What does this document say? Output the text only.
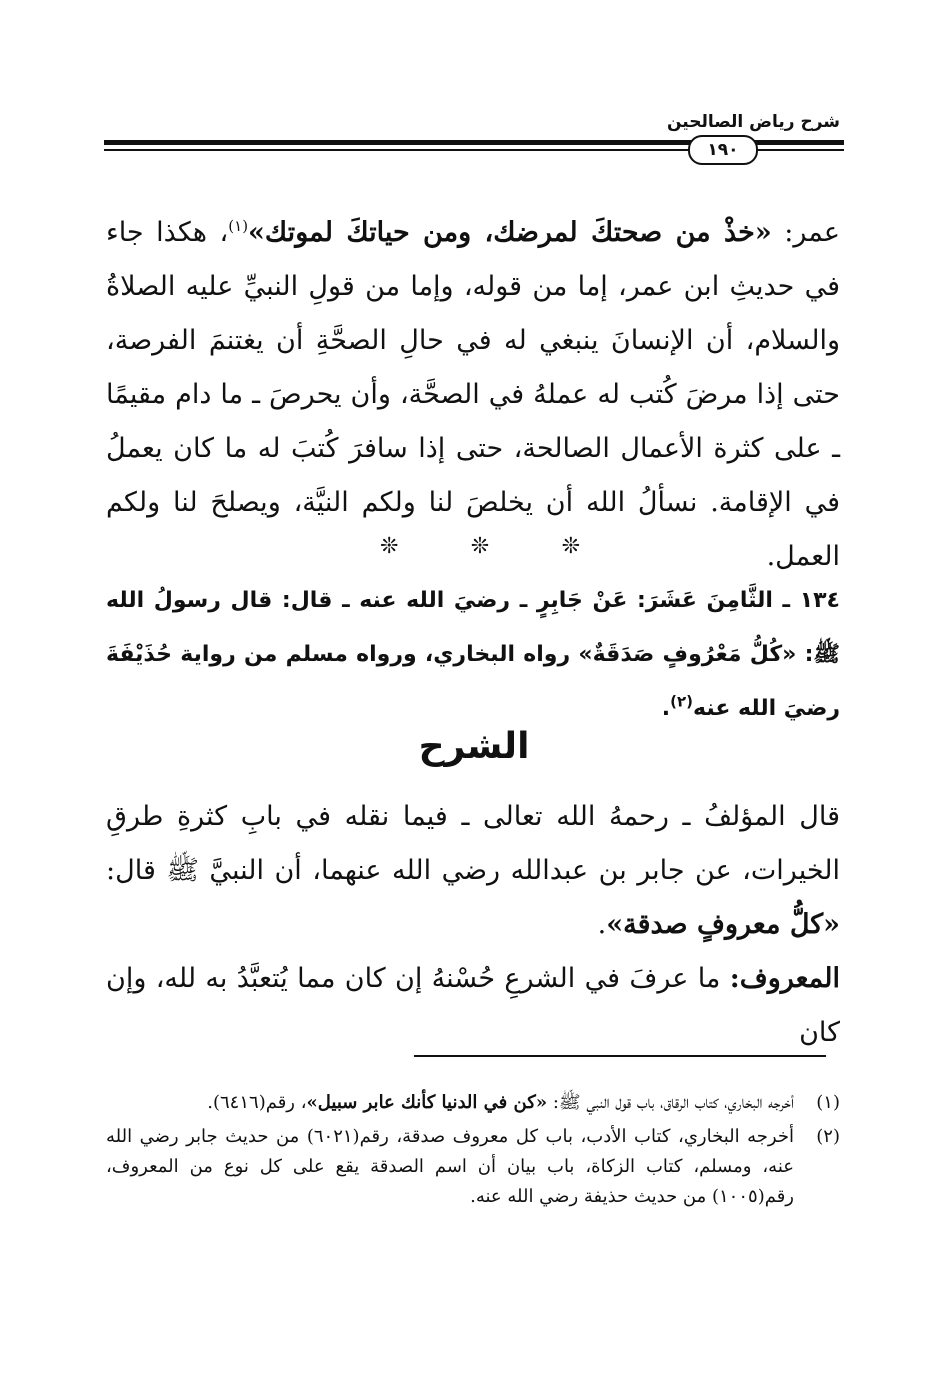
شرح رياض الصالحين
١٩٠

عمر: «خذْ من صحتكَ لمرضك، ومن حياتكَ لموتك»$^{(١)}$، هكذا جاء في حديثِ ابن عمر، إما من قوله، وإما من قولِ النبيِّ عليه الصلاةُ والسلام، أن الإنسانَ ينبغي له في حالِ الصحَّةِ أن يغتنمَ الفرصة، حتى إذا مرضَ كُتب له عملهُ في الصحَّة، وأن يحرصَ ـ ما دام مقيمًا ـ على كثرة الأعمال الصالحة، حتى إذا سافرَ كُتبَ له ما كان يعملُ في الإقامة. نسألُ الله أن يخلصَ لنا ولكم النيَّة، ويصلحَ لنا ولكم العمل.

❊	❊	❊

١٣٤ ـ الثَّامِنَ عَشَرَ: عَنْ جَابِرٍ ـ رضيَ الله عنه ـ قال: قال رسولُ الله ﷺ: «كُلُّ مَعْرُوفٍ صَدَقَةٌ» رواه البخاري، ورواه مسلم من رواية حُذَيْفَةَ رضيَ الله عنه$^{(٢)}$.

الشرح

قال المؤلفُ ـ رحمهُ الله تعالى ـ فيما نقله في بابِ كثرةِ طرقِ الخيرات، عن جابر بن عبدالله رضي الله عنهما، أن النبيَّ ﷺ قال: «كلُّ معروفٍ صدقة».

المعروف: ما عرفَ في الشرعِ حُسْنهُ إن كان مما يُتعبَّدُ به لله، وإن كان

(١)
أخرجه البخاري، كتاب الرقاق، باب قول النبي ﷺ: «كن في الدنيا كأنك عابر سبيل»، رقم(٦٤١٦).
(٢)
أخرجه البخاري، كتاب الأدب، باب كل معروف صدقة، رقم(٦٠٢١) من حديث جابر رضي الله عنه، ومسلم، كتاب الزكاة، باب بيان أن اسم الصدقة يقع على كل نوع من المعروف، رقم(١٠٠٥) من حديث حذيفة رضي الله عنه.
